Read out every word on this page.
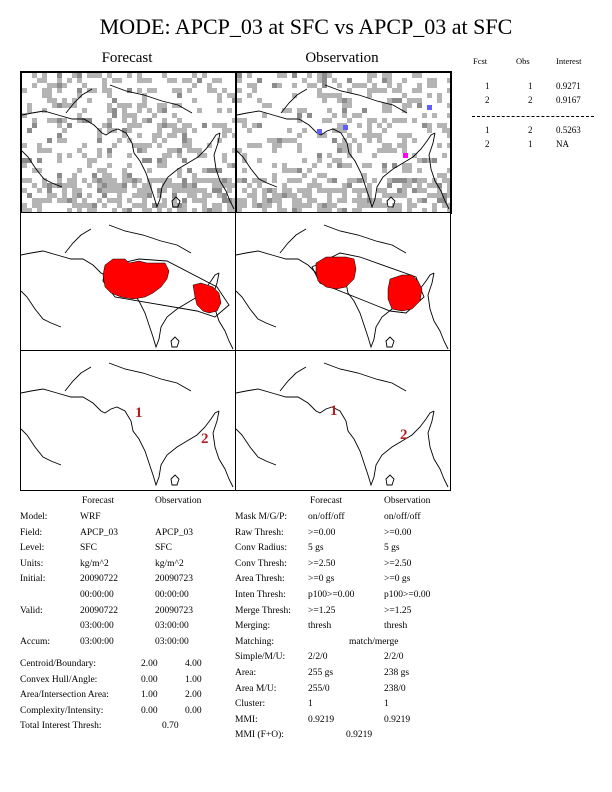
MODE: APCP_03 at SFC vs APCP_03 at SFC
Forecast	Observation
1
2
1
2
Fcst	Obs	Interest
1	1	0.9271
2	2	0.9167
1	2	0.5263
2	1	NA
Forecast	Observation
Model:	WRF
Field:	APCP_03	APCP_03
Level:	SFC	SFC
Units:	kg/m^2	kg/m^2
Initial:	20090722	20090723
00:00:00	00:00:00
Valid:	20090722	20090723
03:00:00	03:00:00
Accum:	03:00:00	03:00:00
Centroid/Boundary:	2.00	4.00
Convex Hull/Angle:	0.00	1.00
Area/Intersection Area:	1.00	2.00
Complexity/Intensity:	0.00	0.00
Total Interest Thresh:	0.70
Forecast	Observation
Mask M/G/P: on/off/off	on/off/off
Raw Thresh:	>=0.00	>=0.00
Conv Radius: 5 gs	5 gs
Conv Thresh: >=2.50	>=2.50
Area Thresh: >=0 gs	>=0 gs
Inten Thresh: p100>=0.00	p100>=0.00
Merge Thresh: >=1.25	>=1.25
Merging:	thresh	thresh
Matching:	match/merge
Simple/M/U: 2/2/0	2/2/0
Area:	255 gs	238 gs
Area M/U:	255/0	238/0
Cluster:	1	1
MMI:	0.9219	0.9219
MMI (F+O):	0.9219
